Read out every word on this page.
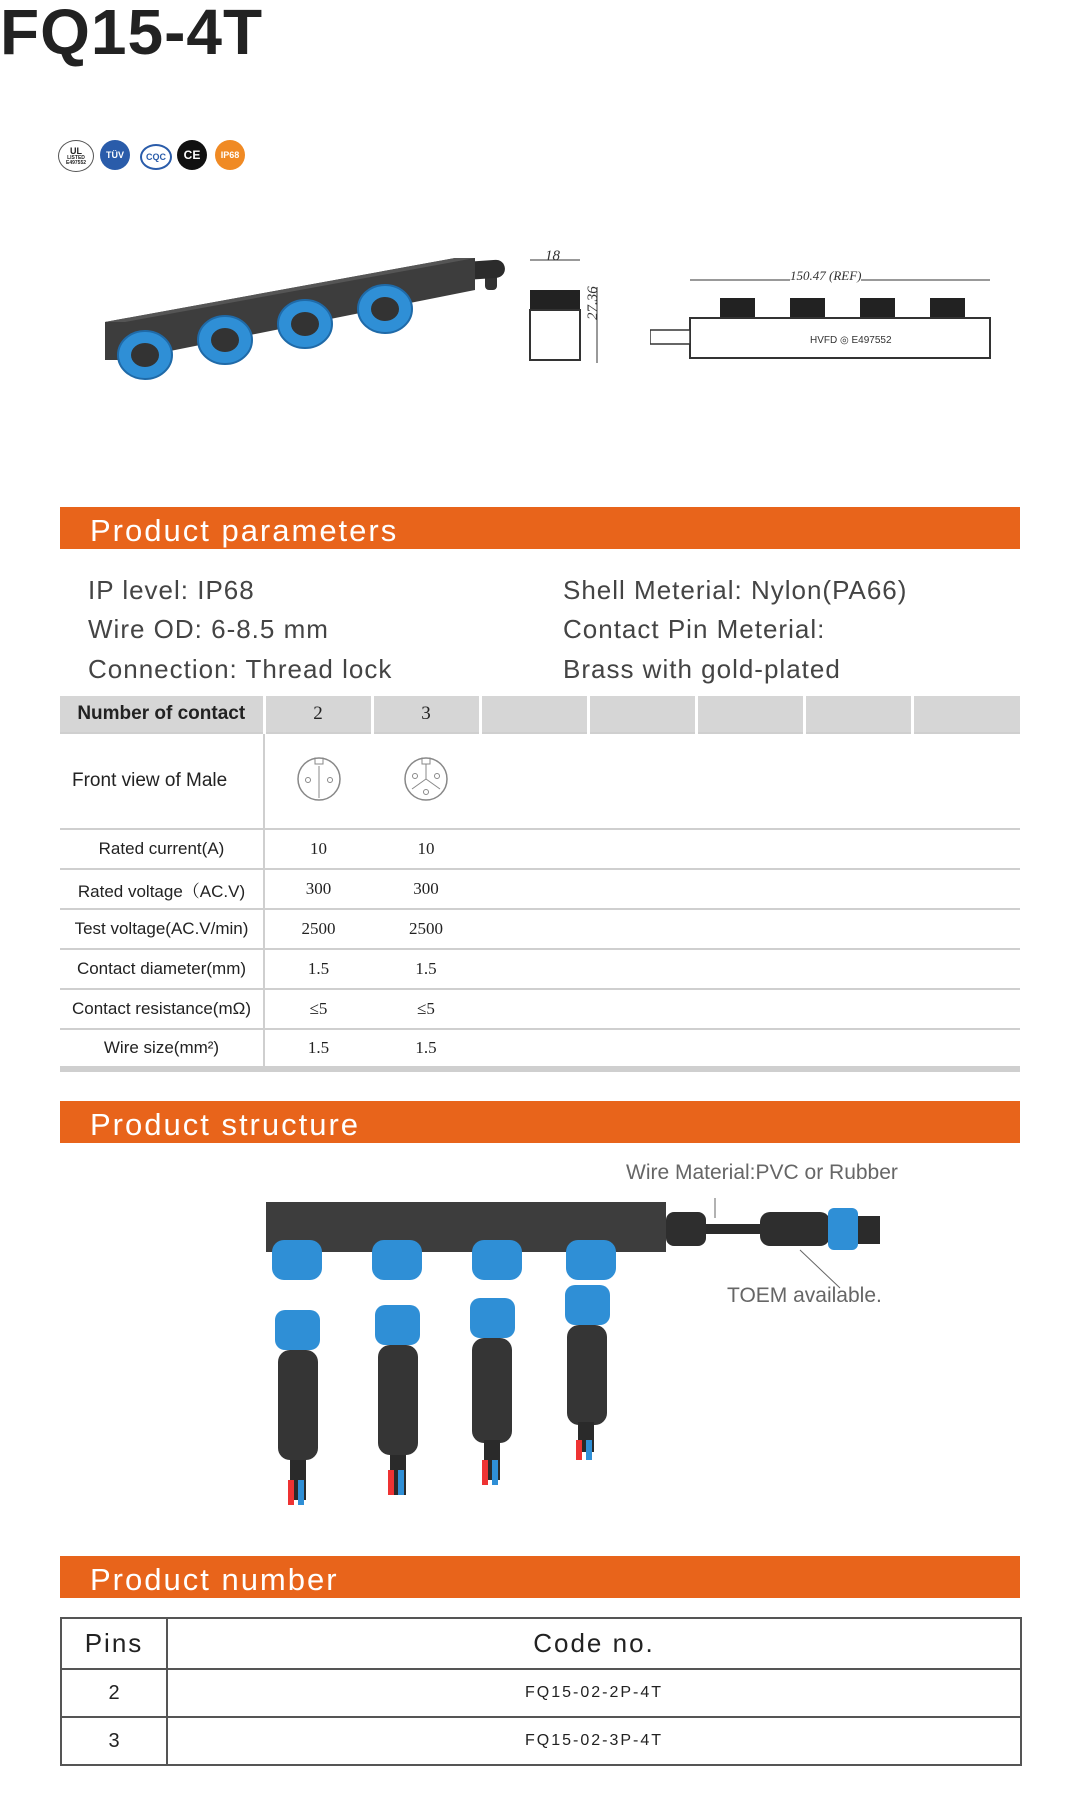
FQ15-4T
UL
LISTED E497552
TÜV	CQC	CE	IP68
18
27.36
HVFD ◎ E497552
150.47 (REF)
Product parameters
IP level: IP68
Wire OD: 6-8.5 mm
Connection: Thread lock
Shell Meterial: Nylon(PA66)
Contact Pin Meterial:
Brass with gold-plated
Number of contact	2	3					
Front view of Male							
Rated current(A)	10	10					
Rated voltage（AC.V)	300	300					
Test voltage(AC.V/min)	2500	2500					
Contact diameter(mm)	1.5	1.5					
Contact resistance(mΩ)	≤5	≤5					
Wire size(mm²)	1.5	1.5					
Product structure
Wire Material:PVC or Rubber
TOEM available.
Product number
Pins	Code no.
2	FQ15-02-2P-4T
3	FQ15-02-3P-4T
